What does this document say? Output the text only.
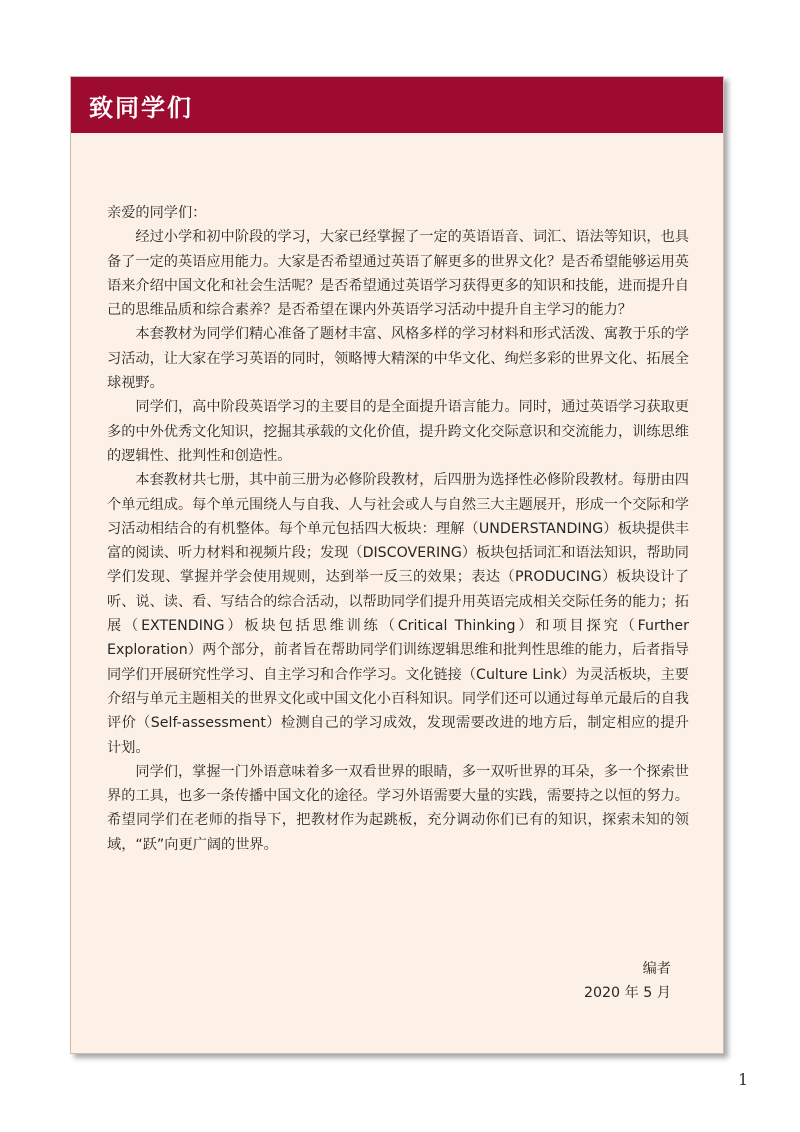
致同学们

亲爱的同学们：

经过小学和初中阶段的学习，大家已经掌握了一定的英语语音、词汇、语法等知识，也具备了一定的英语应用能力。大家是否希望通过英语了解更多的世界文化？是否希望能够运用英语来介绍中国文化和社会生活呢？是否希望通过英语学习获得更多的知识和技能，进而提升自己的思维品质和综合素养？是否希望在课内外英语学习活动中提升自主学习的能力？

本套教材为同学们精心准备了题材丰富、风格多样的学习材料和形式活泼、寓教于乐的学习活动，让大家在学习英语的同时，领略博大精深的中华文化、绚烂多彩的世界文化、拓展全球视野。

同学们，高中阶段英语学习的主要目的是全面提升语言能力。同时，通过英语学习获取更多的中外优秀文化知识，挖掘其承载的文化价值，提升跨文化交际意识和交流能力，训练思维的逻辑性、批判性和创造性。

本套教材共七册，其中前三册为必修阶段教材，后四册为选择性必修阶段教材。每册由四个单元组成。每个单元围绕人与自我、人与社会或人与自然三大主题展开，形成一个交际和学习活动相结合的有机整体。每个单元包括四大板块：理解（UNDERSTANDING）板块提供丰富的阅读、听力材料和视频片段；发现（DISCOVERING）板块包括词汇和语法知识，帮助同学们发现、掌握并学会使用规则，达到举一反三的效果；表达（PRODUCING）板块设计了听、说、读、看、写结合的综合活动，以帮助同学们提升用英语完成相关交际任务的能力；拓展（EXTENDING）板块包括思维训练（Critical Thinking）和项目探究（Further Exploration）两个部分，前者旨在帮助同学们训练逻辑思维和批判性思维的能力，后者指导同学们开展研究性学习、自主学习和合作学习。文化链接（Culture Link）为灵活板块，主要介绍与单元主题相关的世界文化或中国文化小百科知识。同学们还可以通过每单元最后的自我评价（Self-assessment）检测自己的学习成效，发现需要改进的地方后，制定相应的提升计划。

同学们，掌握一门外语意味着多一双看世界的眼睛，多一双听世界的耳朵，多一个探索世界的工具，也多一条传播中国文化的途径。学习外语需要大量的实践，需要持之以恒的努力。希望同学们在老师的指导下，把教材作为起跳板，充分调动你们已有的知识，探索未知的领域，“跃”向更广阔的世界。

编者
2020 年 5 月
1
